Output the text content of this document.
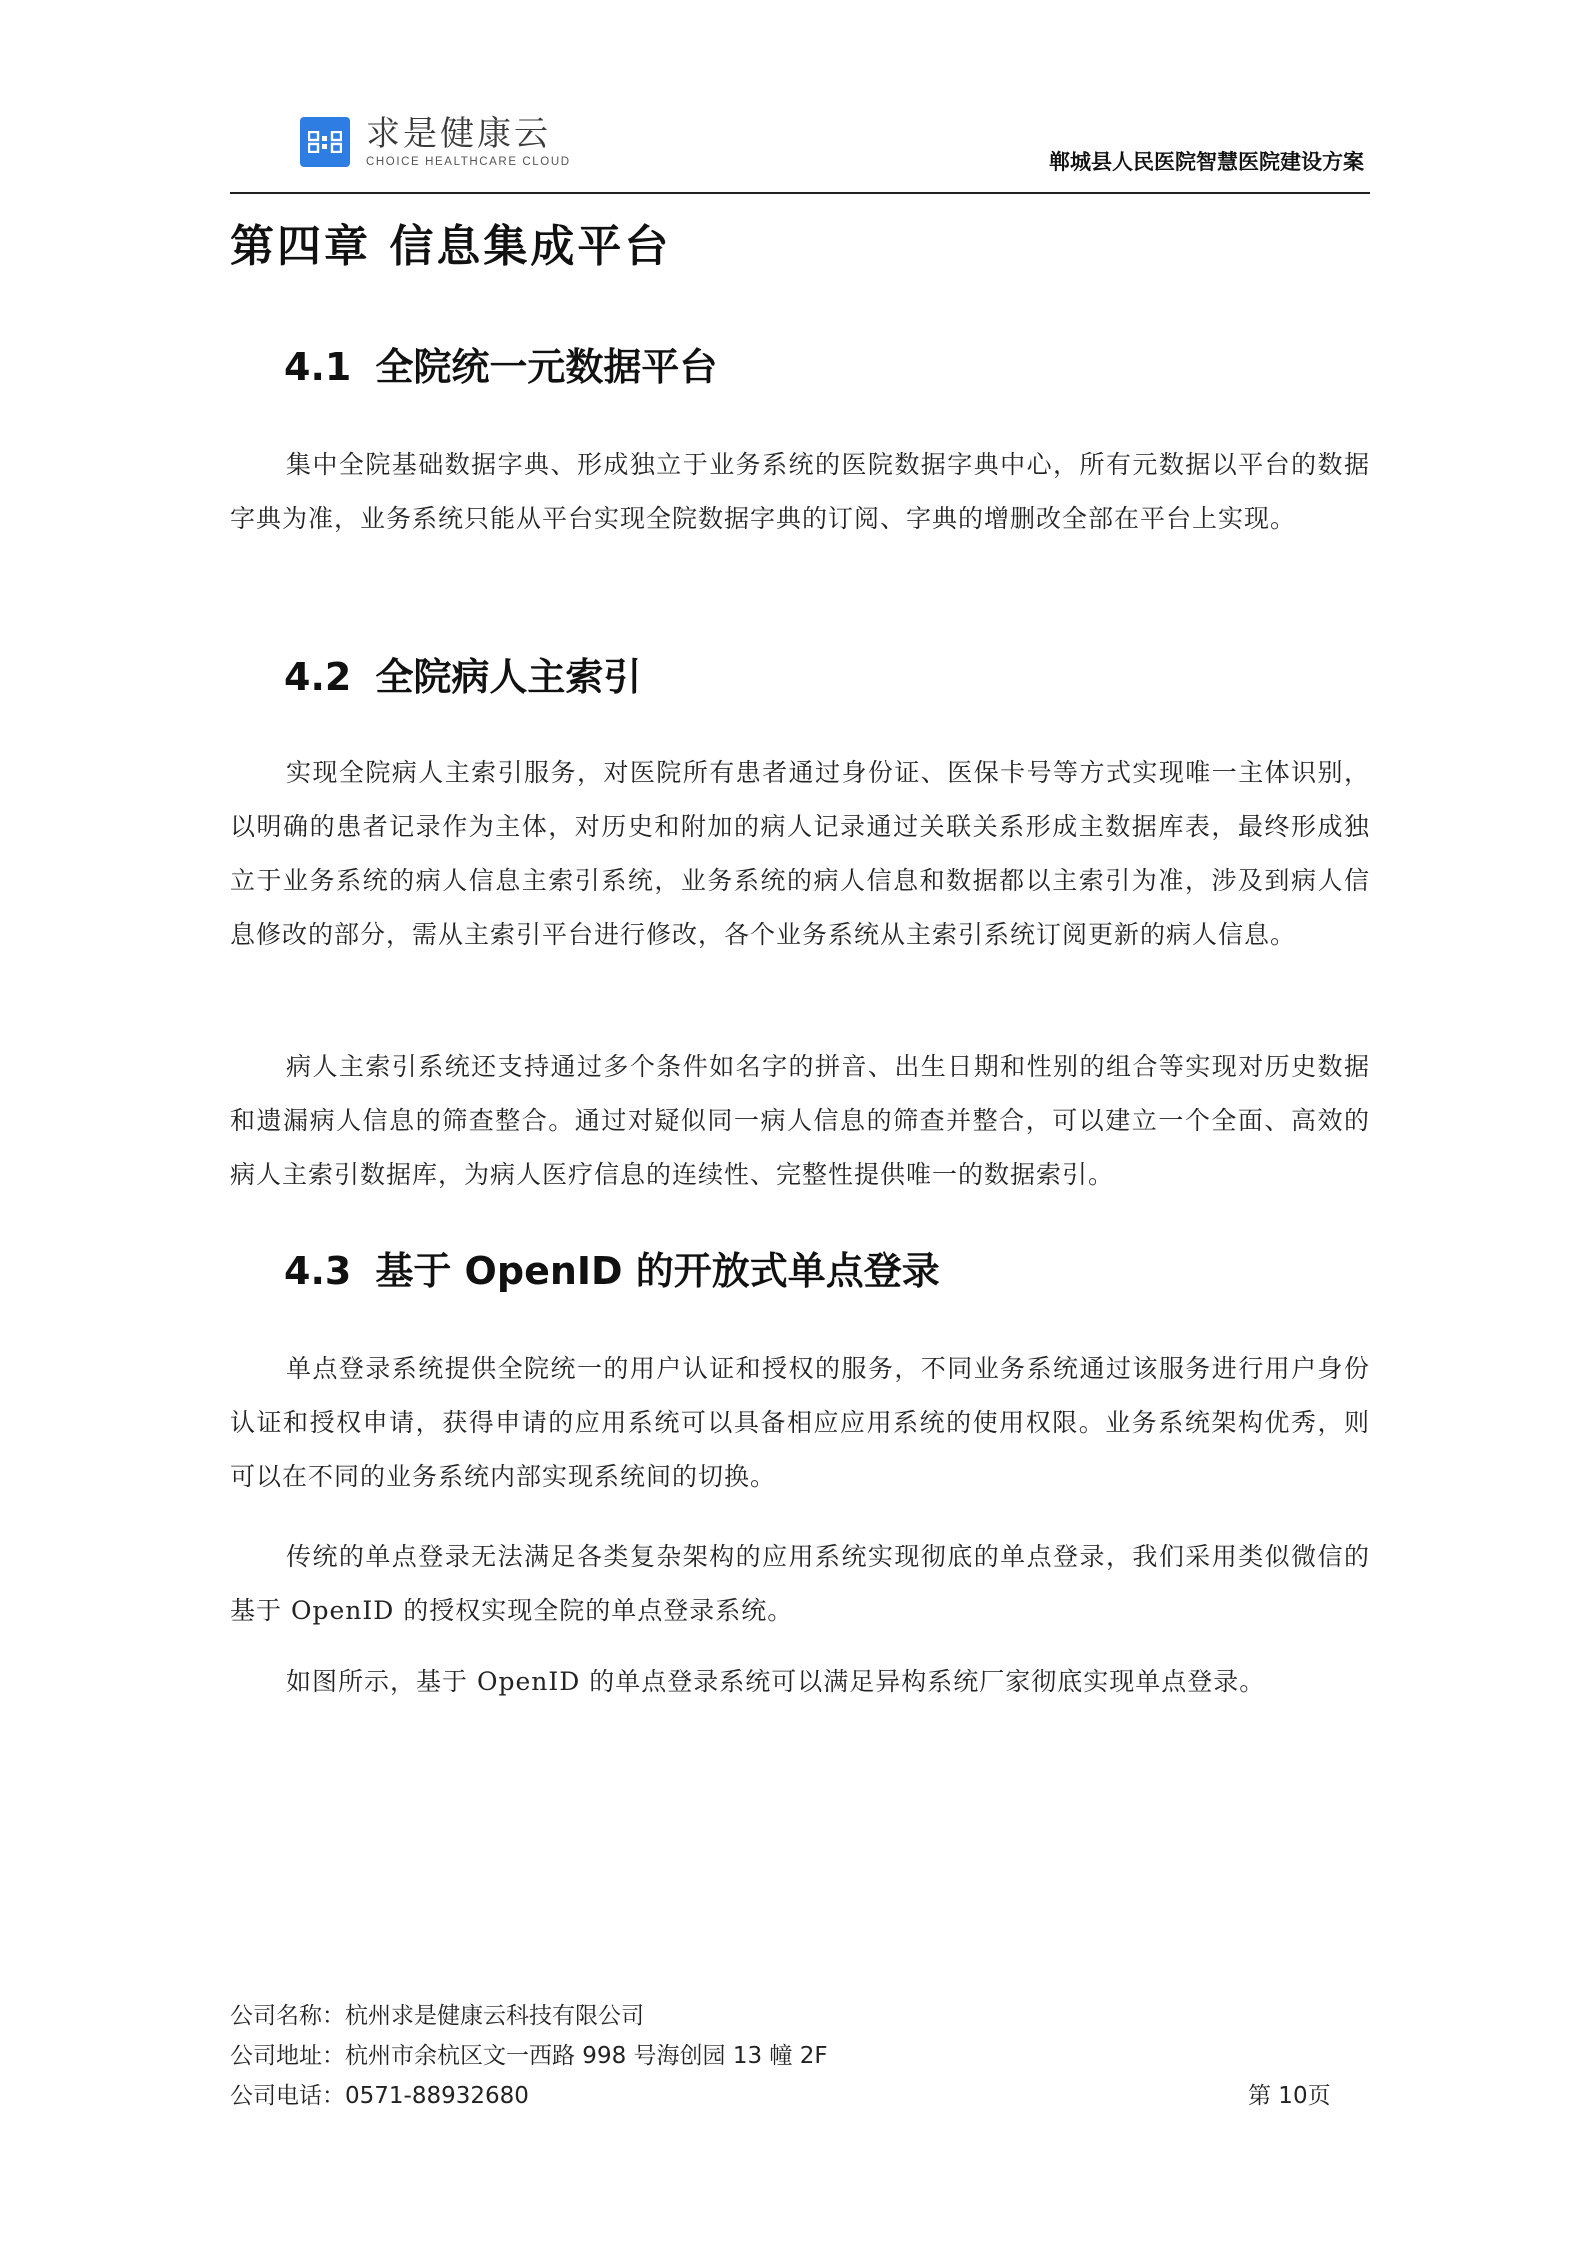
求是健康云
CHOICE HEALTHCARE CLOUD	郸城县人民医院智慧医院建设方案
第四章 信息集成平台
4.1 全院统一元数据平台

集中全院基础数据字典、形成独立于业务系统的医院数据字典中心，所有元数据以平台的数据字典为准，业务系统只能从平台实现全院数据字典的订阅、字典的增删改全部在平台上实现。

4.2 全院病人主索引

实现全院病人主索引服务，对医院所有患者通过身份证、医保卡号等方式实现唯一主体识别，以明确的患者记录作为主体，对历史和附加的病人记录通过关联关系形成主数据库表，最终形成独立于业务系统的病人信息主索引系统，业务系统的病人信息和数据都以主索引为准，涉及到病人信息修改的部分，需从主索引平台进行修改，各个业务系统从主索引系统订阅更新的病人信息。

病人主索引系统还支持通过多个条件如名字的拼音、出生日期和性别的组合等实现对历史数据和遗漏病人信息的筛查整合。通过对疑似同一病人信息的筛查并整合，可以建立一个全面、高效的病人主索引数据库，为病人医疗信息的连续性、完整性提供唯一的数据索引。

4.3 基于 OpenID 的开放式单点登录

单点登录系统提供全院统一的用户认证和授权的服务，不同业务系统通过该服务进行用户身份认证和授权申请，获得申请的应用系统可以具备相应应用系统的使用权限。业务系统架构优秀，则可以在不同的业务系统内部实现系统间的切换。

传统的单点登录无法满足各类复杂架构的应用系统实现彻底的单点登录，我们采用类似微信的基于 OpenID 的授权实现全院的单点登录系统。

如图所示，基于 OpenID 的单点登录系统可以满足异构系统厂家彻底实现单点登录。

公司名称：杭州求是健康云科技有限公司
公司地址：杭州市余杭区文一西路 998 号海创园 13 幢 2F
公司电话：0571-88932680	第 10页
